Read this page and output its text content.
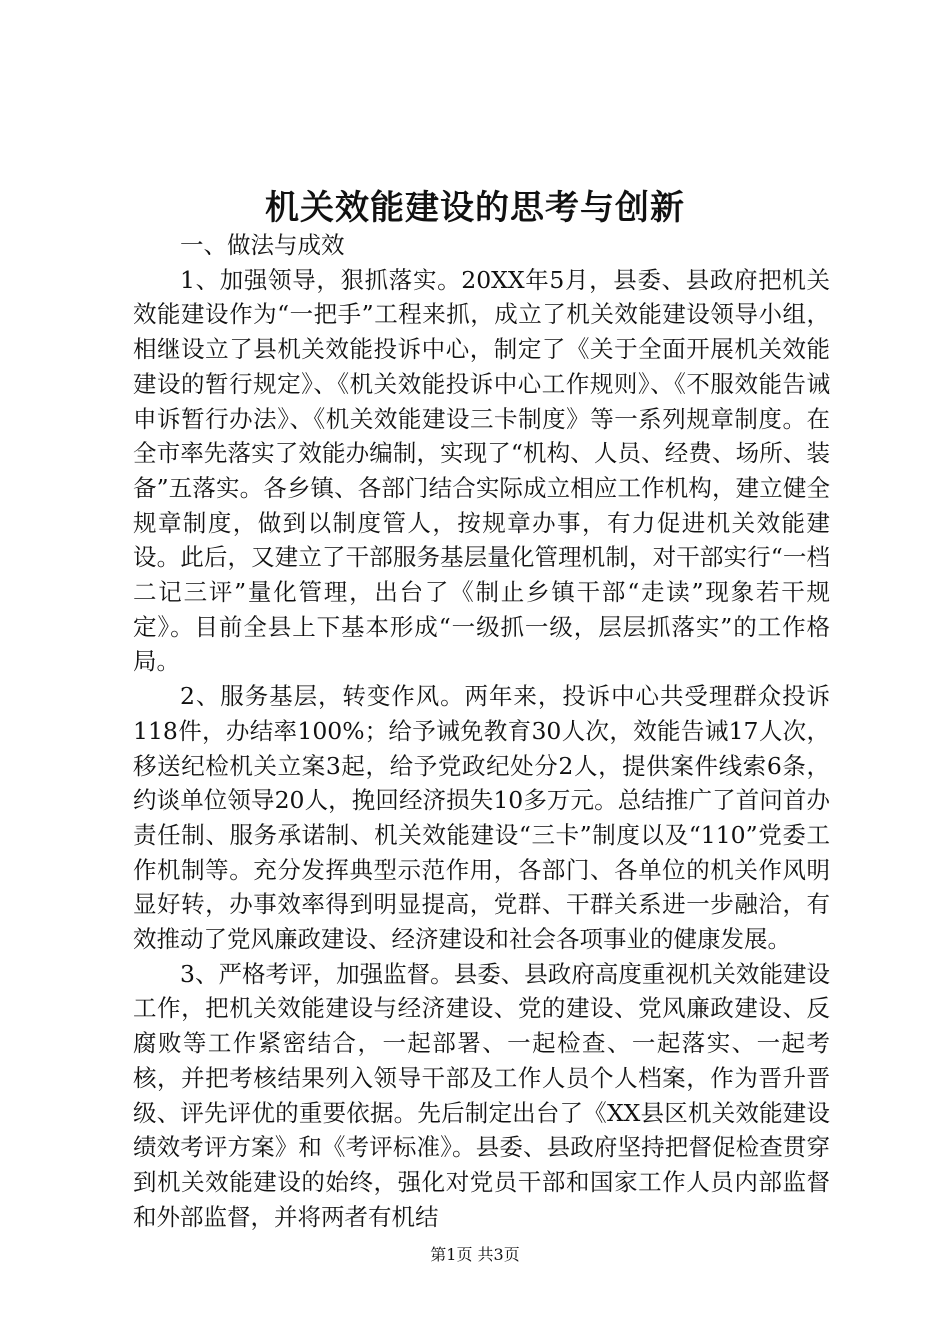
机关效能建设的思考与创新

一、做法与成效

1、加强领导，狠抓落实。20XX年5月，县委、县政府把机关效能建设作为“一把手”工程来抓，成立了机关效能建设领导小组，相继设立了县机关效能投诉中心，制定了《关于全面开展机关效能建设的暂行规定》、《机关效能投诉中心工作规则》、《不服效能告诫申诉暂行办法》、《机关效能建设三卡制度》等一系列规章制度。在全市率先落实了效能办编制，实现了“机构、人员、经费、场所、装备”五落实。各乡镇、各部门结合实际成立相应工作机构，建立健全规章制度，做到以制度管人，按规章办事，有力促进机关效能建设。此后，又建立了干部服务基层量化管理机制，对干部实行“一档二记三评”量化管理，出台了《制止乡镇干部“走读”现象若干规定》。目前全县上下基本形成“一级抓一级，层层抓落实”的工作格局。

2、服务基层，转变作风。两年来，投诉中心共受理群众投诉118件，办结率100%；给予诫免教育30人次，效能告诫17人次，移送纪检机关立案3起，给予党政纪处分2人，提供案件线索6条，约谈单位领导20人，挽回经济损失10多万元。总结推广了首问首办责任制、服务承诺制、机关效能建设“三卡”制度以及“110”党委工作机制等。充分发挥典型示范作用，各部门、各单位的机关作风明显好转，办事效率得到明显提高，党群、干群关系进一步融洽，有效推动了党风廉政建设、经济建设和社会各项事业的健康发展。

3、严格考评，加强监督。县委、县政府高度重视机关效能建设工作，把机关效能建设与经济建设、党的建设、党风廉政建设、反腐败等工作紧密结合，一起部署、一起检查、一起落实、一起考核，并把考核结果列入领导干部及工作人员个人档案，作为晋升晋级、评先评优的重要依据。先后制定出台了《XX县区机关效能建设绩效考评方案》和《考评标准》。县委、县政府坚持把督促检查贯穿到机关效能建设的始终，强化对党员干部和国家工作人员内部监督和外部监督，并将两者有机结

第1页 共3页
